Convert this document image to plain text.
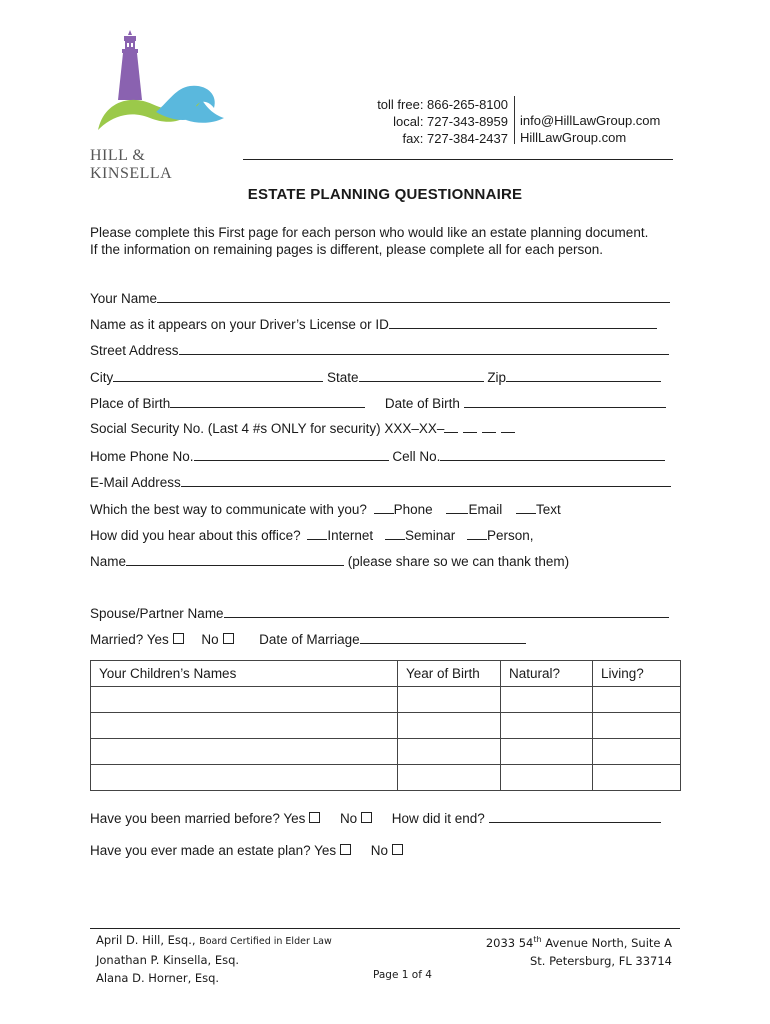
HILL & KINSELLA
toll free: 866-265-8100
local: 727-343-8959
fax: 727-384-2437
info@HillLawGroup.com
HillLawGroup.com
ESTATE PLANNING QUESTIONNAIRE
Please complete this First page for each person who would like an estate planning document.
If the information on remaining pages is different, please complete all for each person.
Your Name
Name as it appears on your Driver’s License or ID
Street Address
City	State	Zip
Place of Birth	Date of Birth
Social Security No. (Last 4 #s ONLY for security) XXX–XX–
Home Phone No.	Cell No.
E-Mail Address
Which the best way to communicate with you? Phone	Email	Text
How did you hear about this office? Internet Seminar Person,
Name	(please share so we can thank them)
Spouse/Partner Name
Married? Yes No	Date of Marriage
Your Children’s Names	Year of Birth	Natural?	Living?

Have you been married before? Yes	No	How did it end?
Have you ever made an estate plan? Yes	No
April D. Hill, Esq., Board Certified in Elder Law
Jonathan P. Kinsella, Esq.
Alana D. Horner, Esq.	Page 1 of 4
2033 54th Avenue North, Suite A
St. Petersburg, FL 33714
